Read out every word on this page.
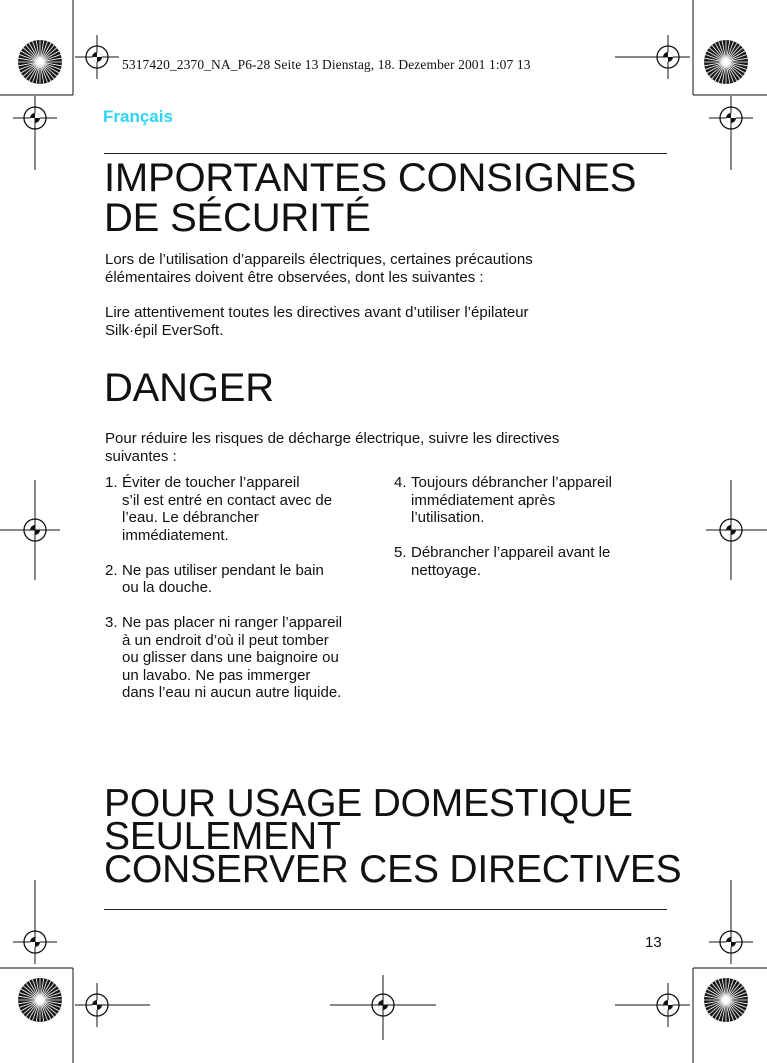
5317420_2370_NA_P6-28 Seite 13 Dienstag, 18. Dezember 2001 1:07 13
Français
IMPORTANTES CONSIGNES
DE SÉCURITÉ

Lors de l’utilisation d’appareils électriques, certaines précautions
élémentaires doivent être observées, dont les suivantes :

Lire attentivement toutes les directives avant d’utiliser l’épilateur
Silk·épil EverSoft.

DANGER

Pour réduire les risques de décharge électrique, suivre les directives
suivantes :

1. Éviter de toucher l’appareil
s’il est entré en contact avec de
l’eau. Le débrancher
immédiatement.
2. Ne pas utiliser pendant le bain
ou la douche.
3. Ne pas placer ni ranger l’appareil
à un endroit d’où il peut tomber
ou glisser dans une baignoire ou
un lavabo. Ne pas immerger
dans l’eau ni aucun autre liquide.
4. Toujours débrancher l’appareil
immédiatement après
l’utilisation.
5. Débrancher l’appareil avant le
nettoyage.
POUR USAGE DOMESTIQUE
SEULEMENT
CONSERVER CES DIRECTIVES
13
